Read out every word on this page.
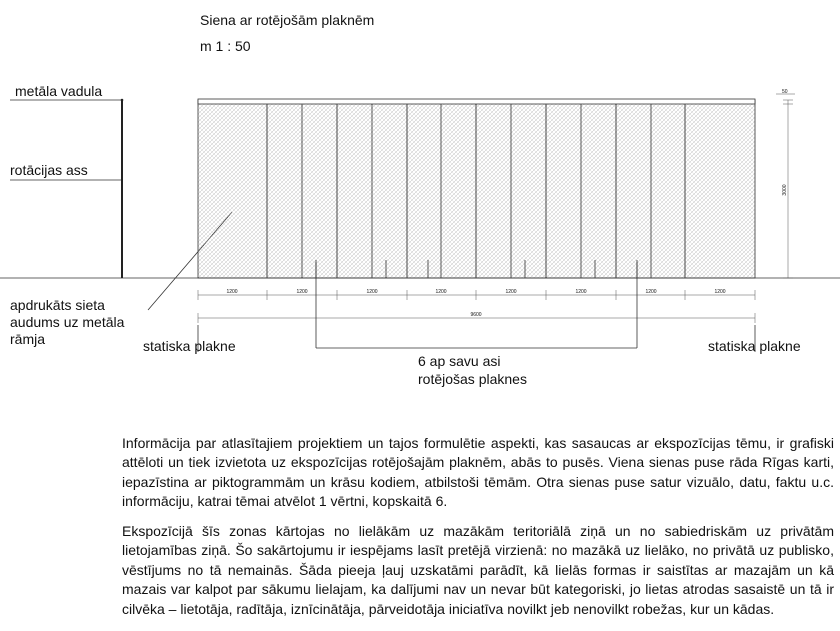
Siena ar rotējošām plaknēm
m 1 : 50
1200	1200	1200	1200	1200	1200	1200	1200
9600
3000
50
metāla vadula
rotācijas ass
apdrukāts sieta
audums uz metāla
rāmja	statiska plakne	statiska plakne
6 ap savu asi
rotējošas plaknes
Informācija par atlasītajiem projektiem un tajos formulētie aspekti, kas sasaucas ar ekspozīcijas tēmu, ir grafiski attēloti un tiek izvietota uz ekspozīcijas rotējošajām plaknēm, abās to pusēs. Viena sienas puse rāda Rīgas karti, iepazīstina ar piktogrammām un krāsu kodiem, atbilstoši tēmām. Otra sienas puse satur vizuālo, datu, faktu u.c. informāciju, katrai tēmai atvēlot 1 vērtni, kopskaitā 6.
Ekspozīcijā šīs zonas kārtojas no lielākām uz mazākām teritoriālā ziņā un no sabiedriskām uz privātām lietojamības ziņā. Šo sakārtojumu ir iespējams lasīt pretējā virzienā: no mazākā uz lielāko, no privātā uz publisko, vēstījums no tā nemainās. Šāda pieeja ļauj uzskatāmi parādīt, kā lielās formas ir saistītas ar mazajām un kā mazais var kalpot par sākumu lielajam, ka dalījumi nav un nevar būt kategoriski, jo lietas atrodas sasaistē un tā ir cilvēka – lietotāja, radītāja, iznīcinātāja, pārveidotāja iniciatīva novilkt jeb nenovilkt robežas, kur un kādas.
